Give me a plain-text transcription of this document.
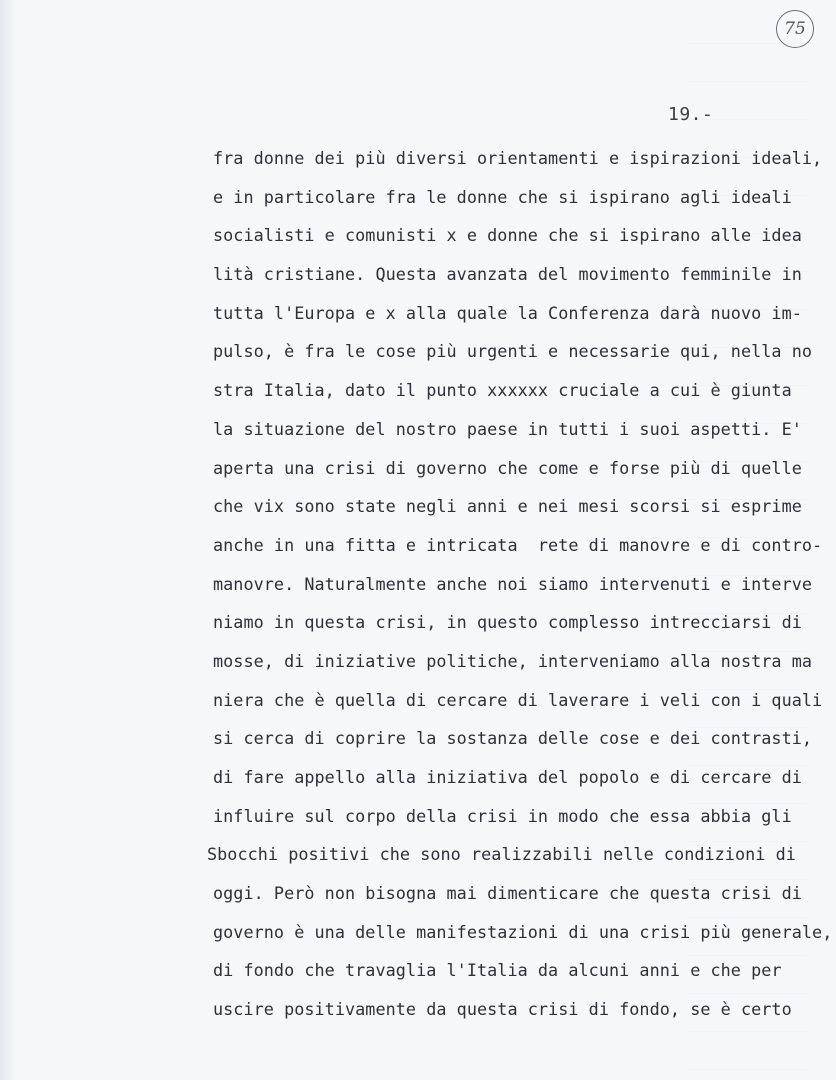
75
19.-
fra donne dei più diversi orientamenti e ispirazioni ideali,
e in particolare fra le donne che si ispirano agli ideali
socialisti e comunisti x e donne che si ispirano alle idea
lità cristiane. Questa avanzata del movimento femminile in
tutta l'Europa e x alla quale la Conferenza darà nuovo im-
pulso, è fra le cose più urgenti e necessarie qui, nella no
stra Italia, dato il punto xxxxxx cruciale a cui è giunta
la situazione del nostro paese in tutti i suoi aspetti. E'
aperta una crisi di governo che come e forse più di quelle
che vix sono state negli anni e nei mesi scorsi si esprime
anche in una fitta e intricata  rete di manovre e di contro-
manovre. Naturalmente anche noi siamo intervenuti e interve
niamo in questa crisi, in questo complesso intrecciarsi di
mosse, di iniziative politiche, interveniamo alla nostra ma
niera che è quella di cercare di laverare i veli con i quali
si cerca di coprire la sostanza delle cose e dei contrasti,
di fare appello alla iniziativa del popolo e di cercare di
influire sul corpo della crisi in modo che essa abbia gli
Sbocchi positivi che sono realizzabili nelle condizioni di
oggi. Però non bisogna mai dimenticare che questa crisi di
governo è una delle manifestazioni di una crisi più generale,
di fondo che travaglia l'Italia da alcuni anni e che per
uscire positivamente da questa crisi di fondo, se è certo
